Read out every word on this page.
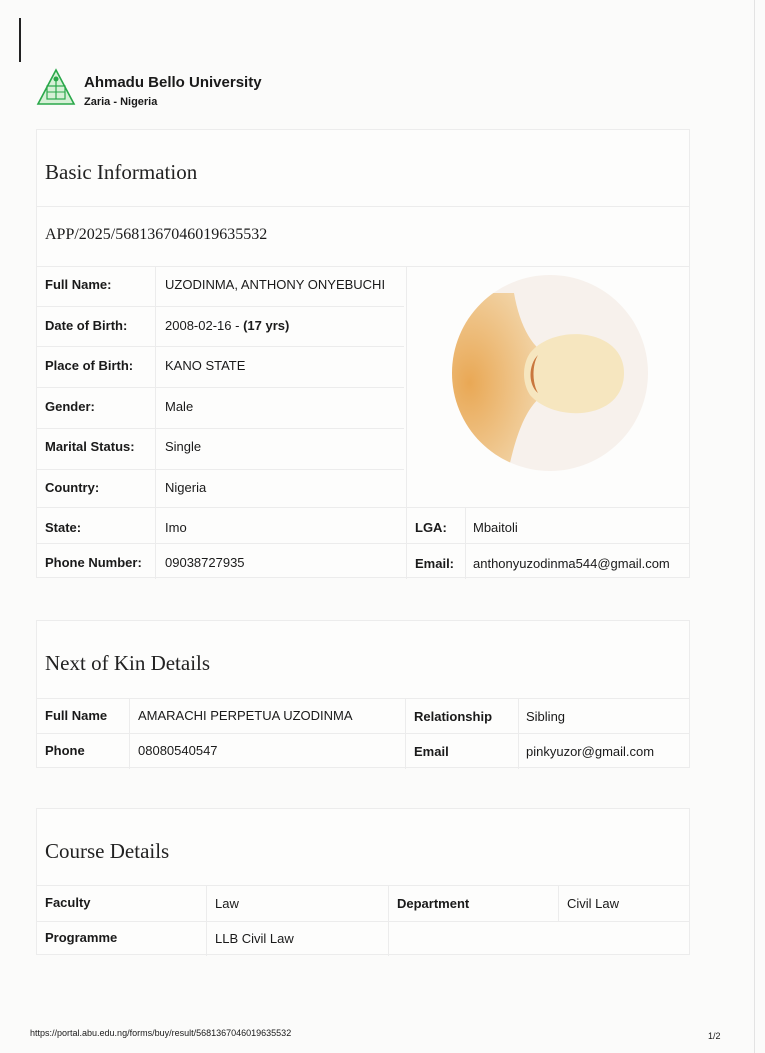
Ahmadu Bello University
Zaria - Nigeria
Basic Information
APP/2025/5681367046019635532
Full Name:	UZODINMA, ANTHONY ONYEBUCHI
Date of Birth:	2008-02-16 - (17 yrs)
Place of Birth: KANO STATE
Gender:	Male
Marital Status: Single
Country:	Nigeria
State:	Imo	LGA: Mbaitoli
Phone Number: 09038727935	Email: anthonyuzodinma544@gmail.com
Next of Kin Details
Full Name AMARACHI PERPETUA UZODINMA	Relationship	Sibling
Phone	08080540547	Email	pinkyuzor@gmail.com
Course Details
Faculty	Law	Department	Civil Law
Programme	LLB Civil Law
https://portal.abu.edu.ng/forms/buy/result/5681367046019635532	1/2
